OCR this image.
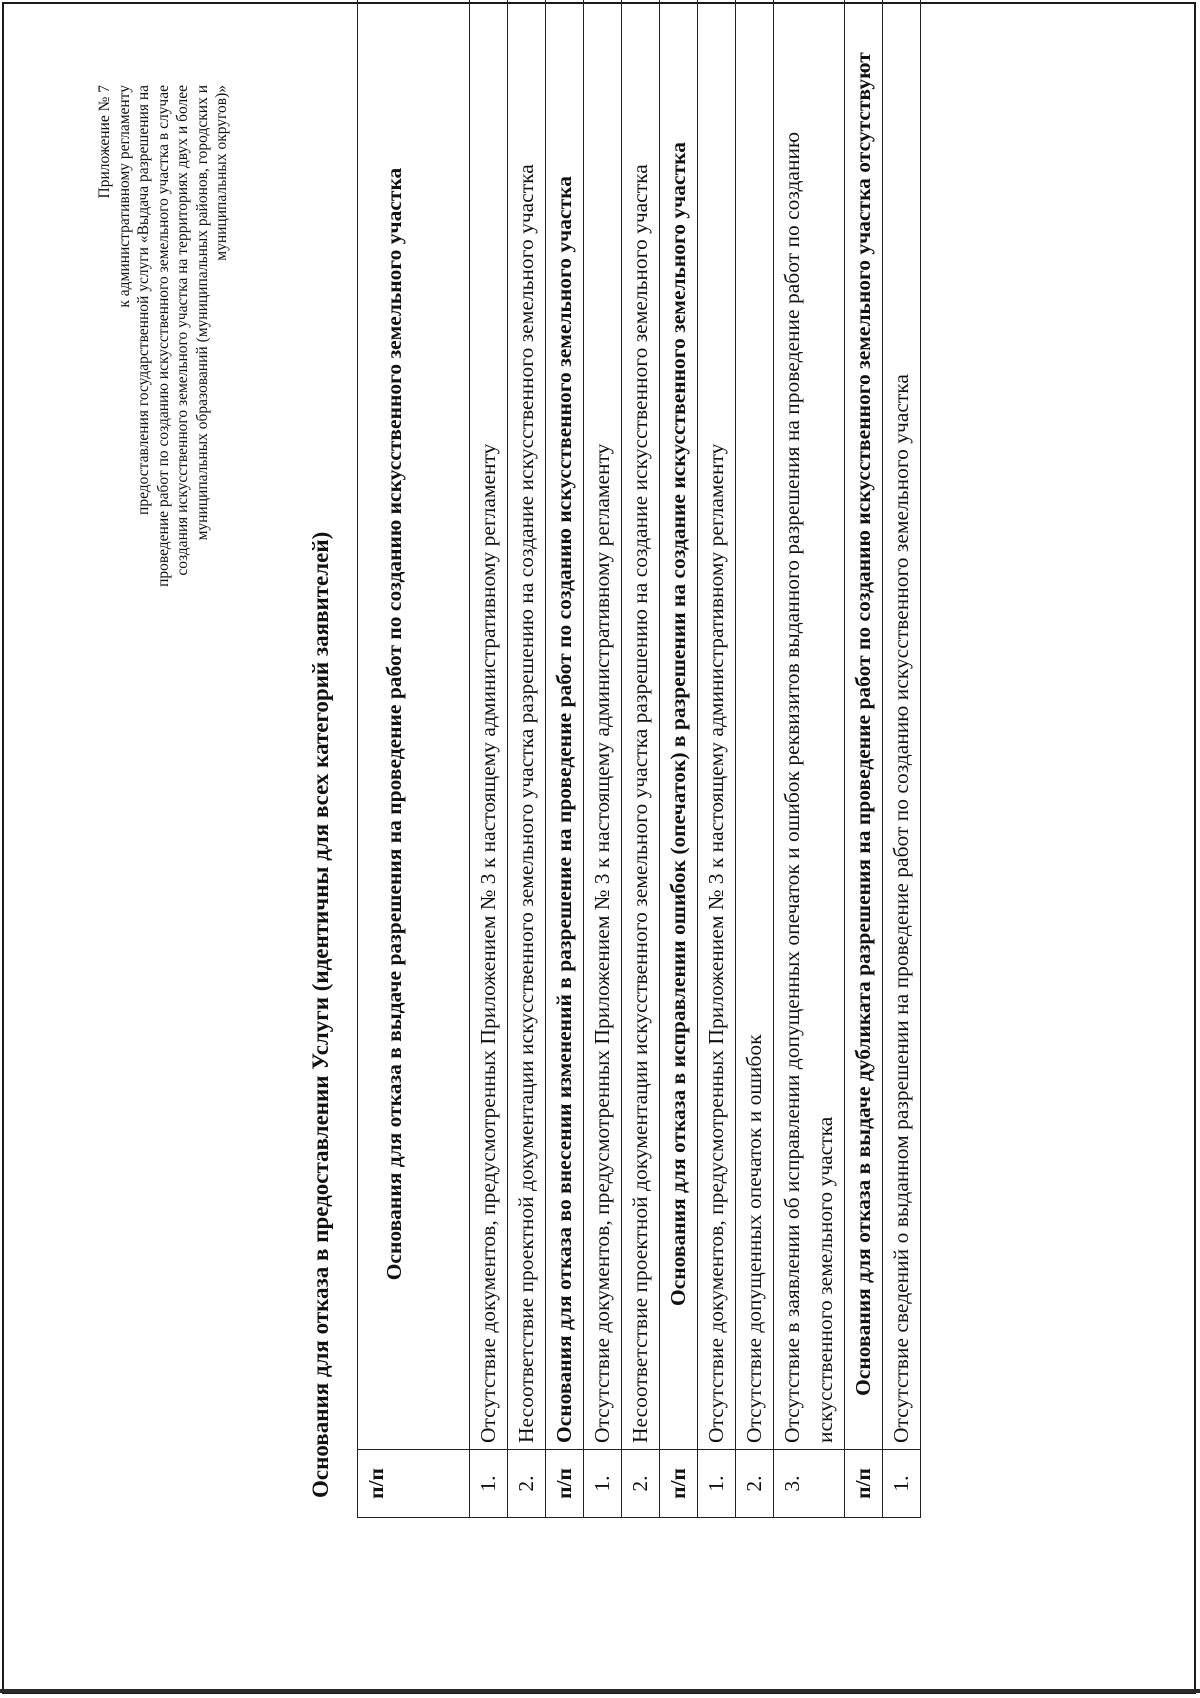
Приложение № 7 к административному регламенту предоставления государственной услуги «Выдача разрешения на проведение работ по созданию искусственного земельного участка в случае создания искусственного земельного участка на территориях двух и более муниципальных образований (муниципальных районов, городских и муниципальных округов)»
Основания для отказа в предоставлении Услуги (идентичны для всех категорий заявителей) п/п	Основания для отказа в выдаче разрешения на проведение работ по созданию искусственного земельного участка
1.	Отсутствие документов, предусмотренных Приложением № 3 к настоящему административному регламенту
2.	Несоответствие проектной документации искусственного земельного участка разрешению на создание искусственного земельного участка
п/п	Основания для отказа во внесении изменений в разрешение на проведение работ по созданию искусственного земельного участка
1.	Отсутствие документов, предусмотренных Приложением № 3 к настоящему административному регламенту
2.	Несоответствие проектной документации искусственного земельного участка разрешению на создание искусственного земельного участка
п/п	Основания для отказа в исправлении ошибок (опечаток) в разрешении на создание искусственного земельного участка
1.	Отсутствие документов, предусмотренных Приложением № 3 к настоящему административному регламенту
2.	Отсутствие допущенных опечаток и ошибок
3.	Отсутствие в заявлении об исправлении допущенных опечаток и ошибок реквизитов выданного разрешения на проведение работ по созданию искусственного земельного участка
п/п	Основания для отказа в выдаче дубликата разрешения на проведение работ по созданию искусственного земельного участка отсутствуют
1.	Отсутствие сведений о выданном разрешении на проведение работ по созданию искусственного земельного участка
